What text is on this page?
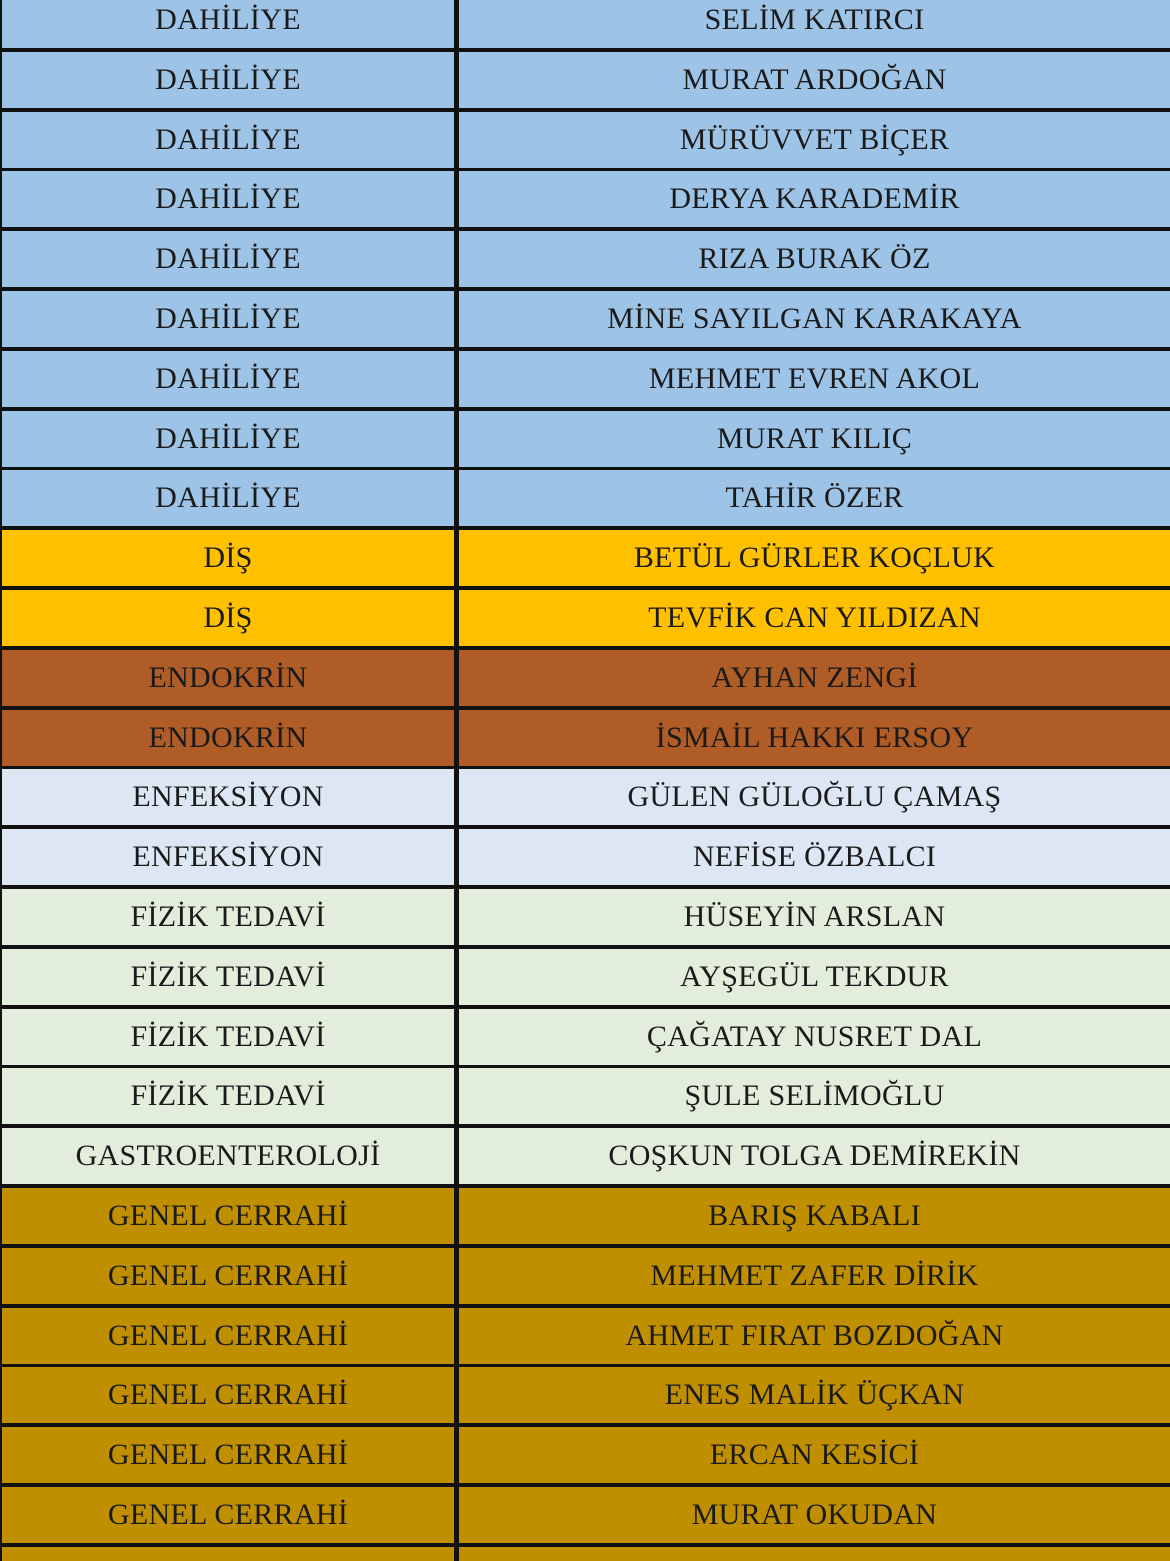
DAHİLİYE	SELİM KATIRCI
DAHİLİYE	MURAT ARDOĞAN
DAHİLİYE	MÜRÜVVET BİÇER
DAHİLİYE	DERYA KARADEMİR
DAHİLİYE	RIZA BURAK ÖZ
DAHİLİYE	MİNE SAYILGAN KARAKAYA
DAHİLİYE	MEHMET EVREN AKOL
DAHİLİYE	MURAT KILIÇ
DAHİLİYE	TAHİR ÖZER
DİŞ	BETÜL GÜRLER KOÇLUK
DİŞ	TEVFİK CAN YILDIZAN
ENDOKRİN	AYHAN ZENGİ
ENDOKRİN	İSMAİL HAKKI ERSOY
ENFEKSİYON	GÜLEN GÜLOĞLU ÇAMAŞ
ENFEKSİYON	NEFİSE ÖZBALCI
FİZİK TEDAVİ	HÜSEYİN ARSLAN
FİZİK TEDAVİ	AYŞEGÜL TEKDUR
FİZİK TEDAVİ	ÇAĞATAY NUSRET DAL
FİZİK TEDAVİ	ŞULE SELİMOĞLU
GASTROENTEROLOJİ	COŞKUN TOLGA DEMİREKİN
GENEL CERRAHİ	BARIŞ KABALI
GENEL CERRAHİ	MEHMET ZAFER DİRİK
GENEL CERRAHİ	AHMET FIRAT BOZDOĞAN
GENEL CERRAHİ	ENES MALİK ÜÇKAN
GENEL CERRAHİ	ERCAN KESİCİ
GENEL CERRAHİ	MURAT OKUDAN
